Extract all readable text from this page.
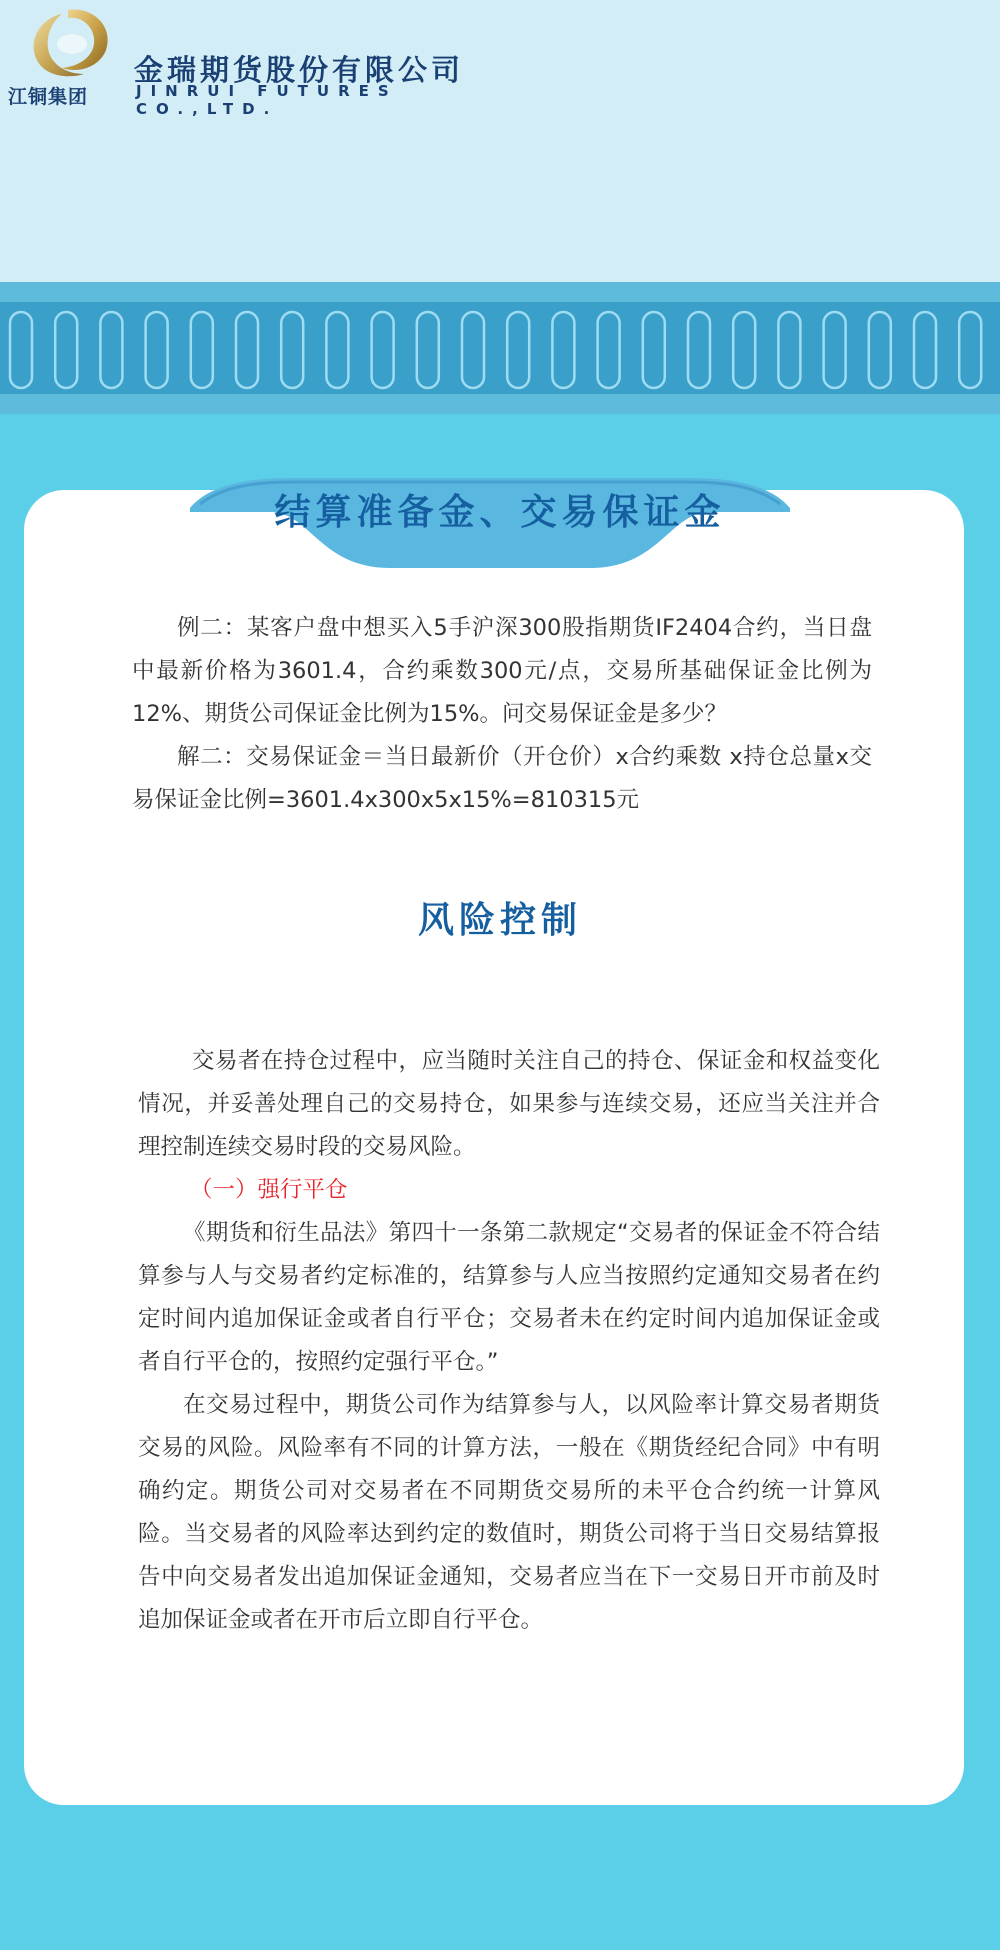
江铜集团
金瑞期货股份有限公司
JINRUI FUTURES CO.,LTD.
结算准备金、交易保证金

例二：某客户盘中想买入5手沪深300股指期货IF2404合约，当日盘中最新价格为3601.4，合约乘数300元/点，交易所基础保证金比例为12%、期货公司保证金比例为15%。问交易保证金是多少？

解二：交易保证金＝当日最新价（开仓价）x合约乘数 x持仓总量x交易保证金比例=3601.4x300x5x15%=810315元

风险控制

交易者在持仓过程中，应当随时关注自己的持仓、保证金和权益变化情况，并妥善处理自己的交易持仓，如果参与连续交易，还应当关注并合理控制连续交易时段的交易风险。

（一）强行平仓

《期货和衍生品法》第四十一条第二款规定“交易者的保证金不符合结算参与人与交易者约定标准的，结算参与人应当按照约定通知交易者在约定时间内追加保证金或者自行平仓；交易者未在约定时间内追加保证金或者自行平仓的，按照约定强行平仓。”

在交易过程中，期货公司作为结算参与人，以风险率计算交易者期货交易的风险。风险率有不同的计算方法，一般在《期货经纪合同》中有明确约定。期货公司对交易者在不同期货交易所的未平仓合约统一计算风险。当交易者的风险率达到约定的数值时，期货公司将于当日交易结算报告中向交易者发出追加保证金通知，交易者应当在下一交易日开市前及时追加保证金或者在开市后立即自行平仓。
